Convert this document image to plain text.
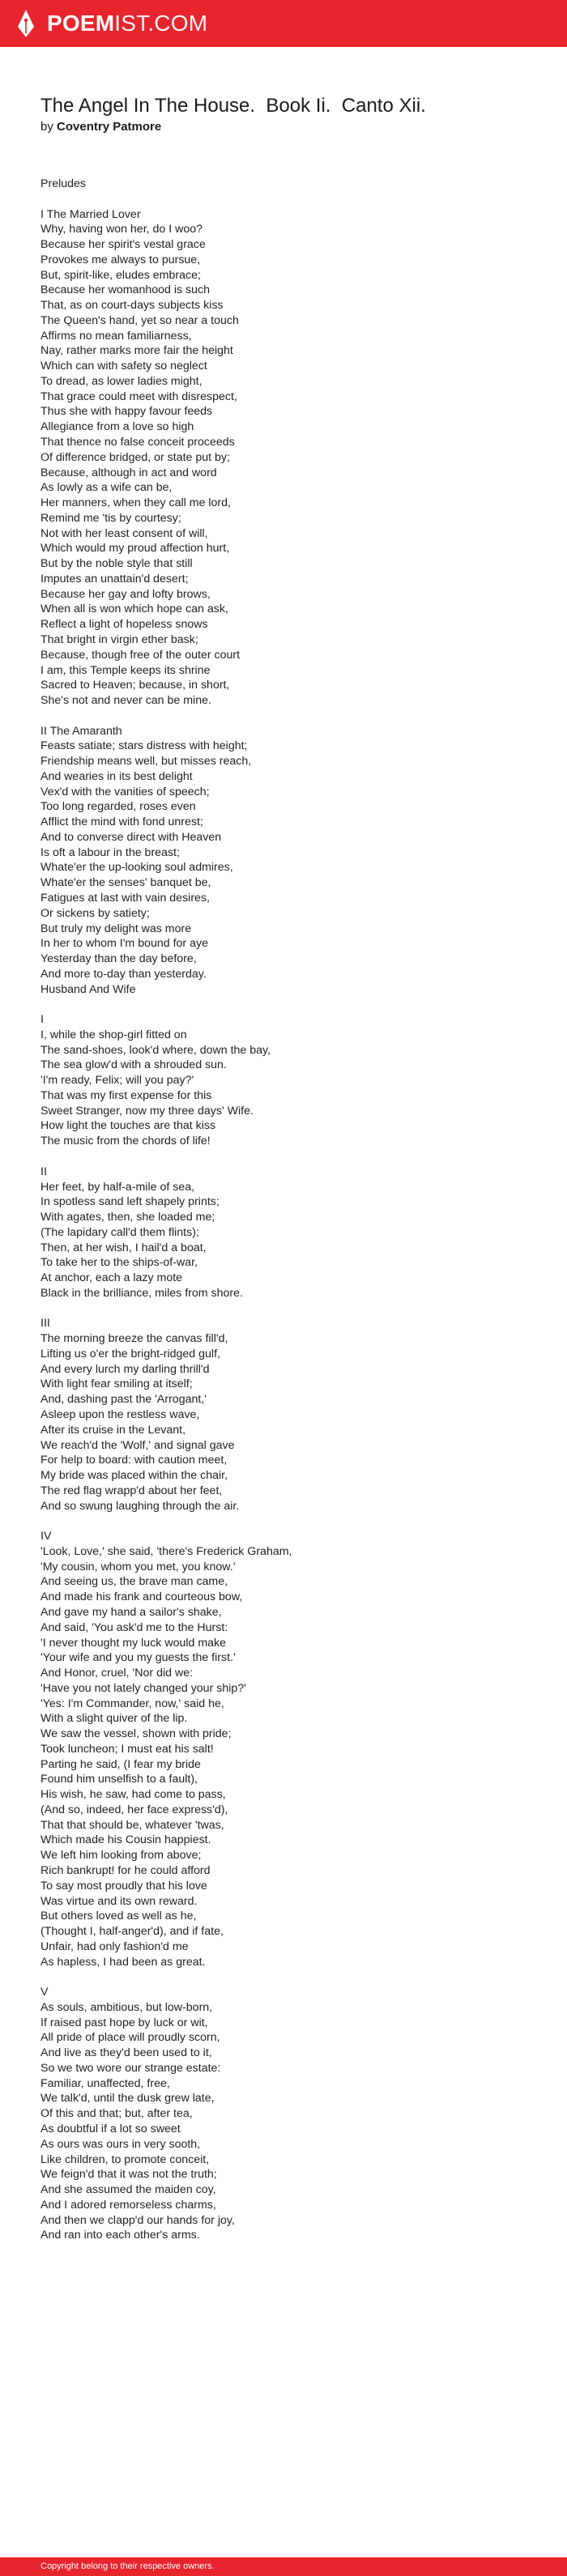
POEMIST.COM
The Angel In The House.  Book Ii.  Canto Xii.
by Coventry Patmore
Preludes
I The Married Lover
Why, having won her, do I woo?
Because her spirit's vestal grace
Provokes me always to pursue,
But, spirit-like, eludes embrace;
Because her womanhood is such
That, as on court-days subjects kiss
The Queen's hand, yet so near a touch
Affirms no mean familiarness,
Nay, rather marks more fair the height
Which can with safety so neglect
To dread, as lower ladies might,
That grace could meet with disrespect,
Thus she with happy favour feeds
Allegiance from a love so high
That thence no false conceit proceeds
Of difference bridged, or state put by;
Because, although in act and word
As lowly as a wife can be,
Her manners, when they call me lord,
Remind me 'tis by courtesy;
Not with her least consent of will,
Which would my proud affection hurt,
But by the noble style that still
Imputes an unattain'd desert;
Because her gay and lofty brows,
When all is won which hope can ask,
Reflect a light of hopeless snows
That bright in virgin ether bask;
Because, though free of the outer court
I am, this Temple keeps its shrine
Sacred to Heaven; because, in short,
She's not and never can be mine.
II The Amaranth
Feasts satiate; stars distress with height;
Friendship means well, but misses reach,
And wearies in its best delight
Vex'd with the vanities of speech;
Too long regarded, roses even
Afflict the mind with fond unrest;
And to converse direct with Heaven
Is oft a labour in the breast;
Whate'er the up-looking soul admires,
Whate'er the senses' banquet be,
Fatigues at last with vain desires,
Or sickens by satiety;
But truly my delight was more
In her to whom I'm bound for aye
Yesterday than the day before,
And more to-day than yesterday.
Husband And Wife
I
I, while the shop-girl fitted on
The sand-shoes, look'd where, down the bay,
The sea glow'd with a shrouded sun.
'I'm ready, Felix; will you pay?'
That was my first expense for this
Sweet Stranger, now my three days' Wife.
How light the touches are that kiss
The music from the chords of life!
II
Her feet, by half-a-mile of sea,
In spotless sand left shapely prints;
With agates, then, she loaded me;
(The lapidary call'd them flints);
Then, at her wish, I hail'd a boat,
To take her to the ships-of-war,
At anchor, each a lazy mote
Black in the brilliance, miles from shore.
III
The morning breeze the canvas fill'd,
Lifting us o'er the bright-ridged gulf,
And every lurch my darling thrill'd
With light fear smiling at itself;
And, dashing past the 'Arrogant,'
Asleep upon the restless wave,
After its cruise in the Levant,
We reach'd the 'Wolf,' and signal gave
For help to board: with caution meet,
My bride was placed within the chair,
The red flag wrapp'd about her feet,
And so swung laughing through the air.
IV
'Look, Love,' she said, 'there's Frederick Graham,
'My cousin, whom you met, you know.'
And seeing us, the brave man came,
And made his frank and courteous bow,
And gave my hand a sailor's shake,
And said, 'You ask'd me to the Hurst:
'I never thought my luck would make
'Your wife and you my guests the first.'
And Honor, cruel, 'Nor did we:
'Have you not lately changed your ship?'
'Yes: I'm Commander, now,' said he,
With a slight quiver of the lip.
We saw the vessel, shown with pride;
Took luncheon; I must eat his salt!
Parting he said, (I fear my bride
Found him unselfish to a fault),
His wish, he saw, had come to pass,
(And so, indeed, her face express'd),
That that should be, whatever 'twas,
Which made his Cousin happiest.
We left him looking from above;
Rich bankrupt! for he could afford
To say most proudly that his love
Was virtue and its own reward.
But others loved as well as he,
(Thought I, half-anger'd), and if fate,
Unfair, had only fashion'd me
As hapless, I had been as great.
V
As souls, ambitious, but low-born,
If raised past hope by luck or wit,
All pride of place will proudly scorn,
And live as they'd been used to it,
So we two wore our strange estate:
Familiar, unaffected, free,
We talk'd, until the dusk grew late,
Of this and that; but, after tea,
As doubtful if a lot so sweet
As ours was ours in very sooth,
Like children, to promote conceit,
We feign'd that it was not the truth;
And she assumed the maiden coy,
And I adored remorseless charms,
And then we clapp'd our hands for joy,
And ran into each other's arms.
Copyright belong to their respective owners.
